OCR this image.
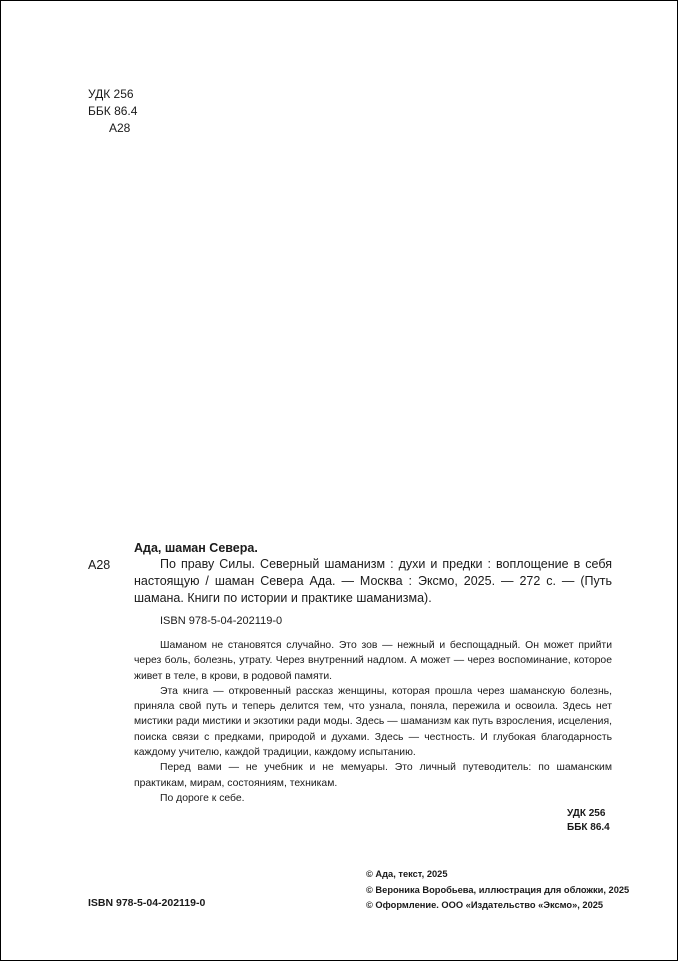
УДК 256
ББК 86.4
А28
Ада, шаман Севера.
А28	По праву Силы. Северный шаманизм : духи и предки : воплощение в себя настоящую / шаман Севера Ада. — Москва : Эксмо, 2025. — 272 с. — (Путь шамана. Книги по истории и практике шаманизма).
ISBN 978-5-04-202119-0

Шаманом не становятся случайно. Это зов — нежный и беспощадный. Он может прийти через боль, болезнь, утрату. Через внутренний надлом. А может — через воспоминание, которое живет в теле, в крови, в родовой памяти.

Эта книга — откровенный рассказ женщины, которая прошла через шаманскую болезнь, приняла свой путь и теперь делится тем, что узнала, поняла, пережила и освоила. Здесь нет мистики ради мистики и экзотики ради моды. Здесь — шаманизм как путь взросления, исцеления, поиска связи с предками, природой и духами. Здесь — честность. И глубокая благодарность каждому учителю, каждой традиции, каждому испытанию.

Перед вами — не учебник и не мемуары. Это личный путеводитель: по шаманским практикам, мирам, состояниям, техникам.

По дороге к себе.

УДК 256
ББК 86.4
© Ада, текст, 2025
© Вероника Воробьева, иллюстрация для обложки, 2025
© Оформление. ООО «Издательство «Эксмо», 2025
ISBN 978-5-04-202119-0
